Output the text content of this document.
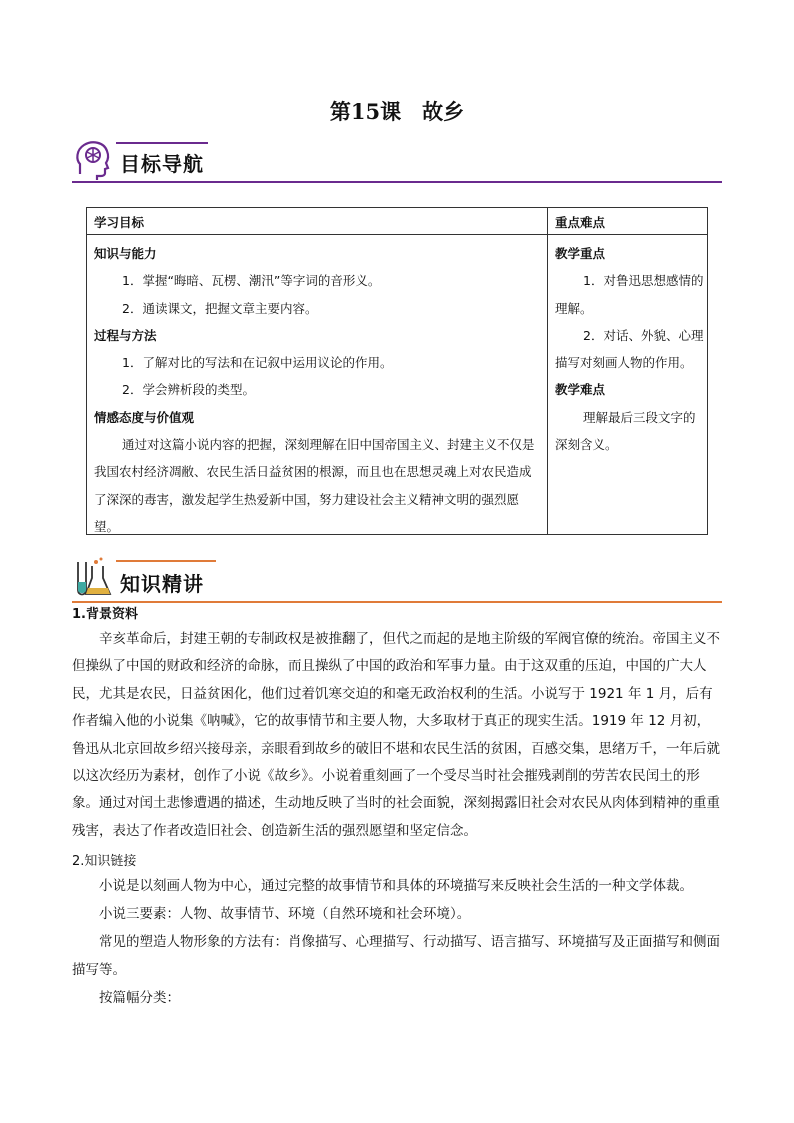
第15课　故乡
目标导航
学习目标	重点难点
知识与能力
1．掌握“晦暗、瓦楞、潮汛”等字词的音形义。
2．通读课文，把握文章主要内容。
过程与方法
1．了解对比的写法和在记叙中运用议论的作用。
2．学会辨析段的类型。
情感态度与价值观
通过对这篇小说内容的把握，深刻理解在旧中国帝国主义、封建主义不仅是我国农村经济凋敝、农民生活日益贫困的根源，而且也在思想灵魂上对农民造成了深深的毒害，激发起学生热爱新中国，努力建设社会主义精神文明的强烈愿望。
教学重点
1．对鲁迅思想感情的理解。
2．对话、外貌、心理描写对刻画人物的作用。
教学难点
理解最后三段文字的深刻含义。
知识精讲
1.背景资料
辛亥革命后，封建王朝的专制政权是被推翻了，但代之而起的是地主阶级的军阀官僚的统治。帝国主义不但操纵了中国的财政和经济的命脉，而且操纵了中国的政治和军事力量。由于这双重的压迫，中国的广大人民，尤其是农民，日益贫困化，他们过着饥寒交迫的和毫无政治权利的生活。小说写于 1921 年 1 月，后有作者编入他的小说集《呐喊》，它的故事情节和主要人物，大多取材于真正的现实生活。1919 年 12 月初，鲁迅从北京回故乡绍兴接母亲，亲眼看到故乡的破旧不堪和农民生活的贫困，百感交集，思绪万千，一年后就以这次经历为素材，创作了小说《故乡》。小说着重刻画了一个受尽当时社会摧残剥削的劳苦农民闰土的形象。通过对闰土悲惨遭遇的描述，生动地反映了当时的社会面貌，深刻揭露旧社会对农民从肉体到精神的重重残害，表达了作者改造旧社会、创造新生活的强烈愿望和坚定信念。
2.知识链接
小说是以刻画人物为中心，通过完整的故事情节和具体的环境描写来反映社会生活的一种文学体裁。
小说三要素：人物、故事情节、环境（自然环境和社会环境）。
常见的塑造人物形象的方法有：肖像描写、心理描写、行动描写、语言描写、环境描写及正面描写和侧面描写等。
按篇幅分类：
